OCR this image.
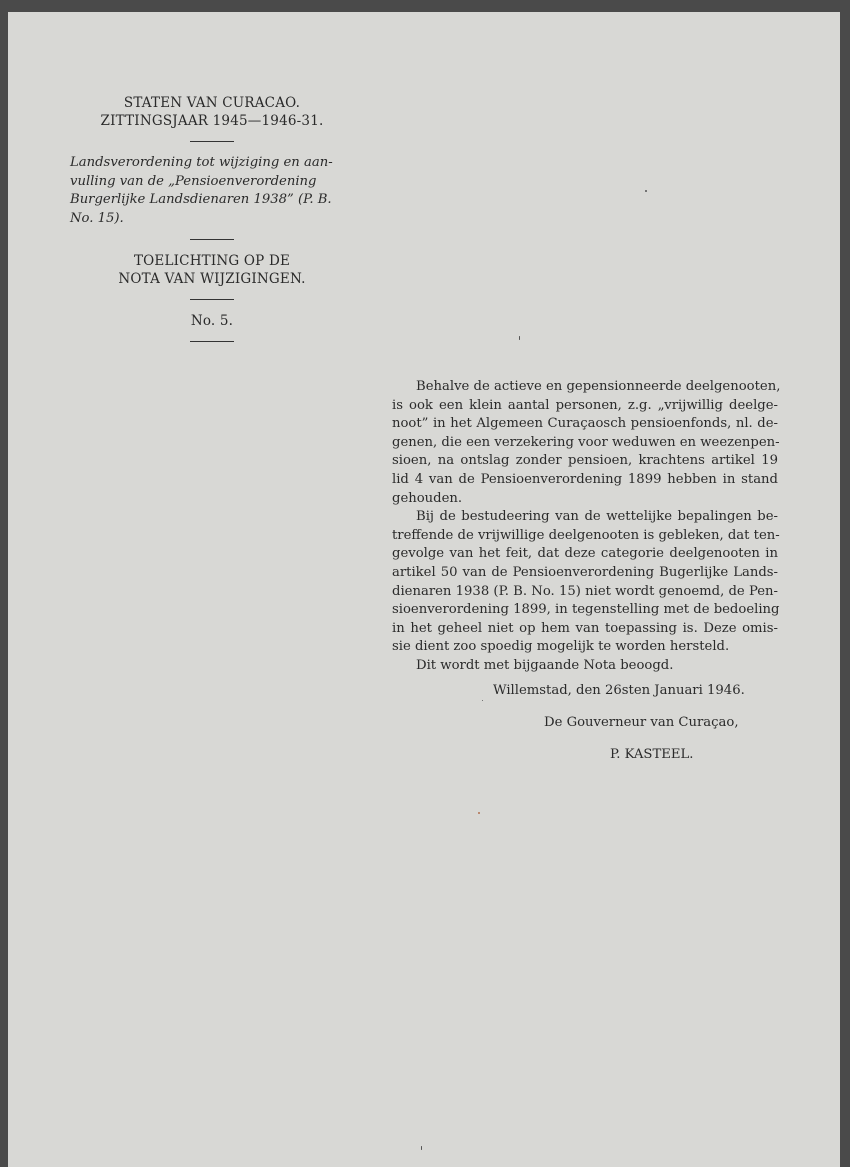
STATEN VAN CURACAO.
ZITTINGSJAAR 1945—1946-31.
Landsverordening tot wijziging en aan-
vulling van de „Pensioenverordening
Burgerlijke Landsdienaren 1938” (P. B.
No. 15).
TOELICHTING OP DE
NOTA VAN WIJZIGINGEN.
No. 5.
Behalve de actieve en gepensionneerde deelgenooten,
is ook een klein aantal personen, z.g. „vrijwillig deelge-
noot” in het Algemeen Curaçaosch pensioenfonds, nl. de-
genen, die een verzekering voor weduwen en weezenpen-
sioen, na ontslag zonder pensioen, krachtens artikel 19
lid 4 van de Pensioenverordening 1899 hebben in stand
gehouden.
Bij de bestudeering van de wettelijke bepalingen be-
treffende de vrijwillige deelgenooten is gebleken, dat ten-
gevolge van het feit, dat deze categorie deelgenooten in
artikel 50 van de Pensioenverordening Bugerlijke Lands-
dienaren 1938 (P. B. No. 15) niet wordt genoemd, de Pen-
sioenverordening 1899, in tegenstelling met de bedoeling
in het geheel niet op hem van toepassing is. Deze omis-
sie dient zoo spoedig mogelijk te worden hersteld.
Dit wordt met bijgaande Nota beoogd.
Willemstad, den 26sten Januari 1946.
De Gouverneur van Curaçao,
P. KASTEEL.
